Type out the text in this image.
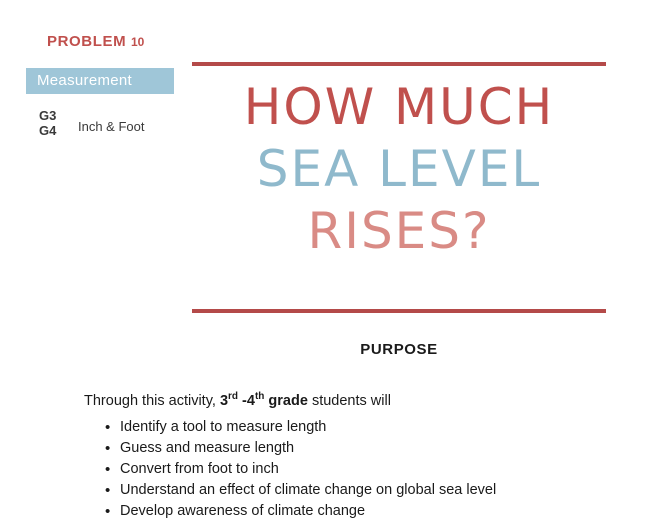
PROBLEM 10
Measurement
G3
G4 Inch & Foot	HOW MUCH
SEA LEVEL
RISES?
PURPOSE
Through this activity, 3rd -4th grade students will
• Identify a tool to measure length
• Guess and measure length
• Convert from foot to inch
• Understand an effect of climate change on global sea level
• Develop awareness of climate change
